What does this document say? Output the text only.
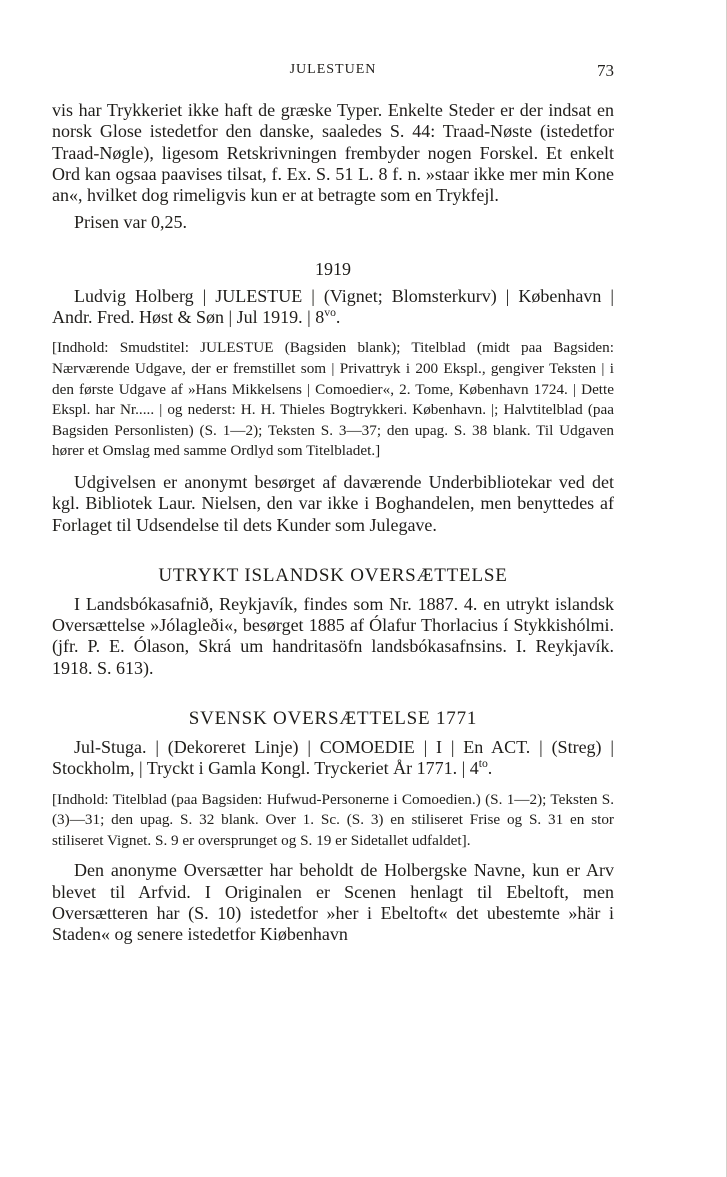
JULESTUEN	73

vis har Trykkeriet ikke haft de græske Typer. Enkelte Steder er der indsat en norsk Glose istedetfor den danske, saaledes S. 44: Traad-Nøste (istedetfor Traad-Nøgle), ligesom Retskrivningen frembyder nogen Forskel. Et enkelt Ord kan ogsaa paavises tilsat, f. Ex. S. 51 L. 8 f. n. »staar ikke mer min Kone an«, hvilket dog rimeligvis kun er at betragte som en Trykfejl.

Prisen var 0,25.

1919

Ludvig Holberg | JULESTUE | (Vignet; Blomsterkurv) | København | Andr. Fred. Høst & Søn | Jul 1919. | $8^{vo}$.

[Indhold: Smudstitel: JULESTUE (Bagsiden blank); Titelblad (midt paa Bagsiden: Nærværende Udgave, der er fremstillet som | Privattryk i 200 Ekspl., gengiver Teksten | i den første Udgave af »Hans Mikkelsens | Comoedier«, 2. Tome, København 1724. | Dette Ekspl. har Nr..... | og nederst: H. H. Thieles Bogtrykkeri. København. |; Halvtitelblad (paa Bagsiden Personlisten) (S. 1—2); Teksten S. 3—37; den upag. S. 38 blank. Til Udgaven hører et Omslag med samme Ordlyd som Titelbladet.]

Udgivelsen er anonymt besørget af daværende Underbibliotekar ved det kgl. Bibliotek Laur. Nielsen, den var ikke i Boghandelen, men benyttedes af Forlaget til Udsendelse til dets Kunder som Julegave.

UTRYKT ISLANDSK OVERSÆTTELSE

I Landsbókasafnið, Reykjavík, findes som Nr. 1887. 4. en utrykt islandsk Oversættelse »Jólagleði«, besørget 1885 af Ólafur Thorlacius í Stykkishólmi. (jfr. P. E. Ólason, Skrá um handritasöfn landsbókasafnsins. I. Reykjavík. 1918. S. 613).

SVENSK OVERSÆTTELSE 1771

Jul-Stuga. | (Dekoreret Linje) | COMOEDIE | I | En ACT. | (Streg) | Stockholm, | Tryckt i Gamla Kongl. Tryckeriet År 1771. | $4^{to}$.

[Indhold: Titelblad (paa Bagsiden: Hufwud-Personerne i Comoedien.) (S. 1—2); Teksten S. (3)—31; den upag. S. 32 blank. Over 1. Sc. (S. 3) en stiliseret Frise og S. 31 en stor stiliseret Vignet. S. 9 er oversprunget og S. 19 er Sidetallet udfaldet].

Den anonyme Oversætter har beholdt de Holbergske Navne, kun er Arv blevet til Arfvid. I Originalen er Scenen henlagt til Ebeltoft, men Oversætteren har (S. 10) istedetfor »her i Ebeltoft« det ubestemte »här i Staden« og senere istedetfor Kiøbenhavn
